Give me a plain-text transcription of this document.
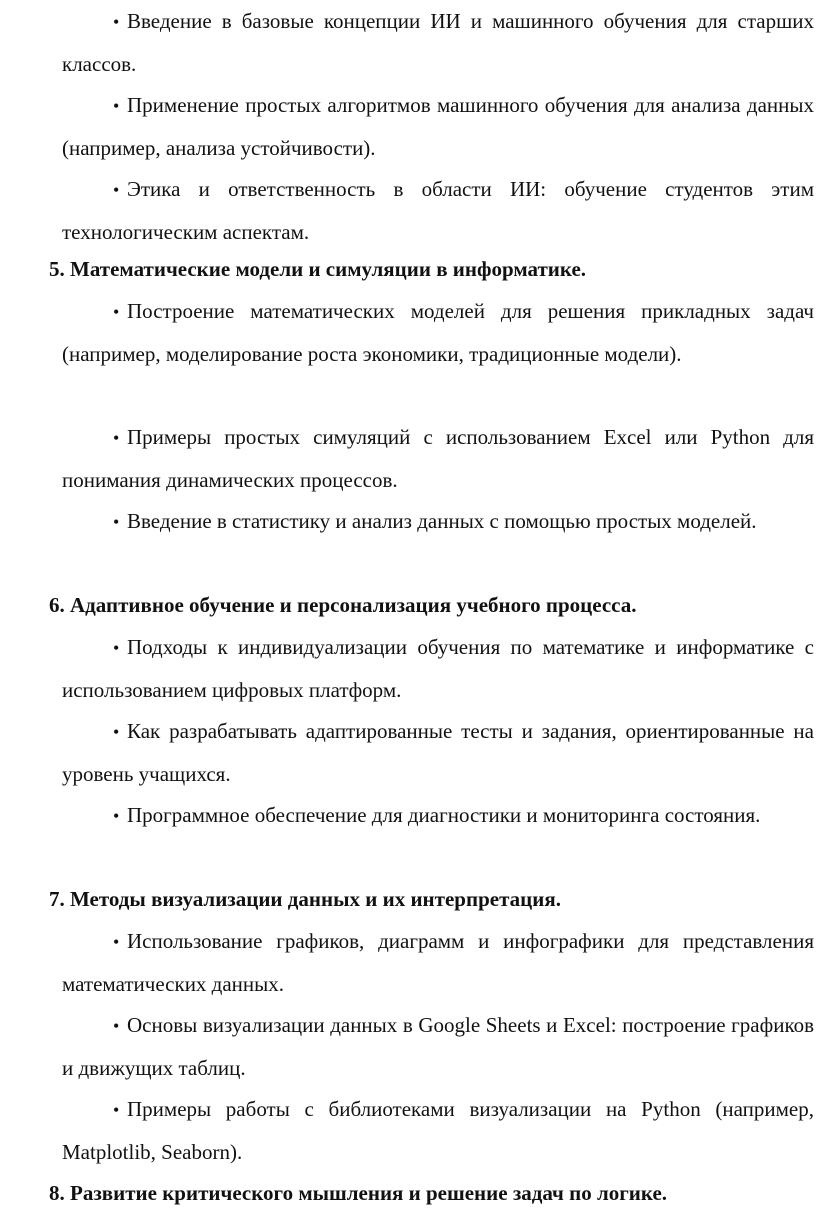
• Введение в базовые концепции ИИ и машинного обучения для старших классов.
• Применение простых алгоритмов машинного обучения для анализа данных (например, анализа устойчивости).
• Этика и ответственность в области ИИ: обучение студентов этим технологическим аспектам.
5. Математические модели и симуляции в информатике.
• Построение математических моделей для решения прикладных задач (например, моделирование роста экономики, традиционные модели).
• Примеры простых симуляций с использованием Excel или Python для понимания динамических процессов.
• Введение в статистику и анализ данных с помощью простых моделей.
6. Адаптивное обучение и персонализация учебного процесса.
• Подходы к индивидуализации обучения по математике и информатике с использованием цифровых платформ.
• Как разрабатывать адаптированные тесты и задания, ориентированные на уровень учащихся.
• Программное обеспечение для диагностики и мониторинга состояния.
7. Методы визуализации данных и их интерпретация.
• Использование графиков, диаграмм и инфографики для представления математических данных.
• Основы визуализации данных в Google Sheets и Excel: построение графиков и движущих таблиц.
• Примеры работы с библиотеками визуализации на Python (например, Matplotlib, Seaborn).
8. Развитие критического мышления и решение задач по логике.
